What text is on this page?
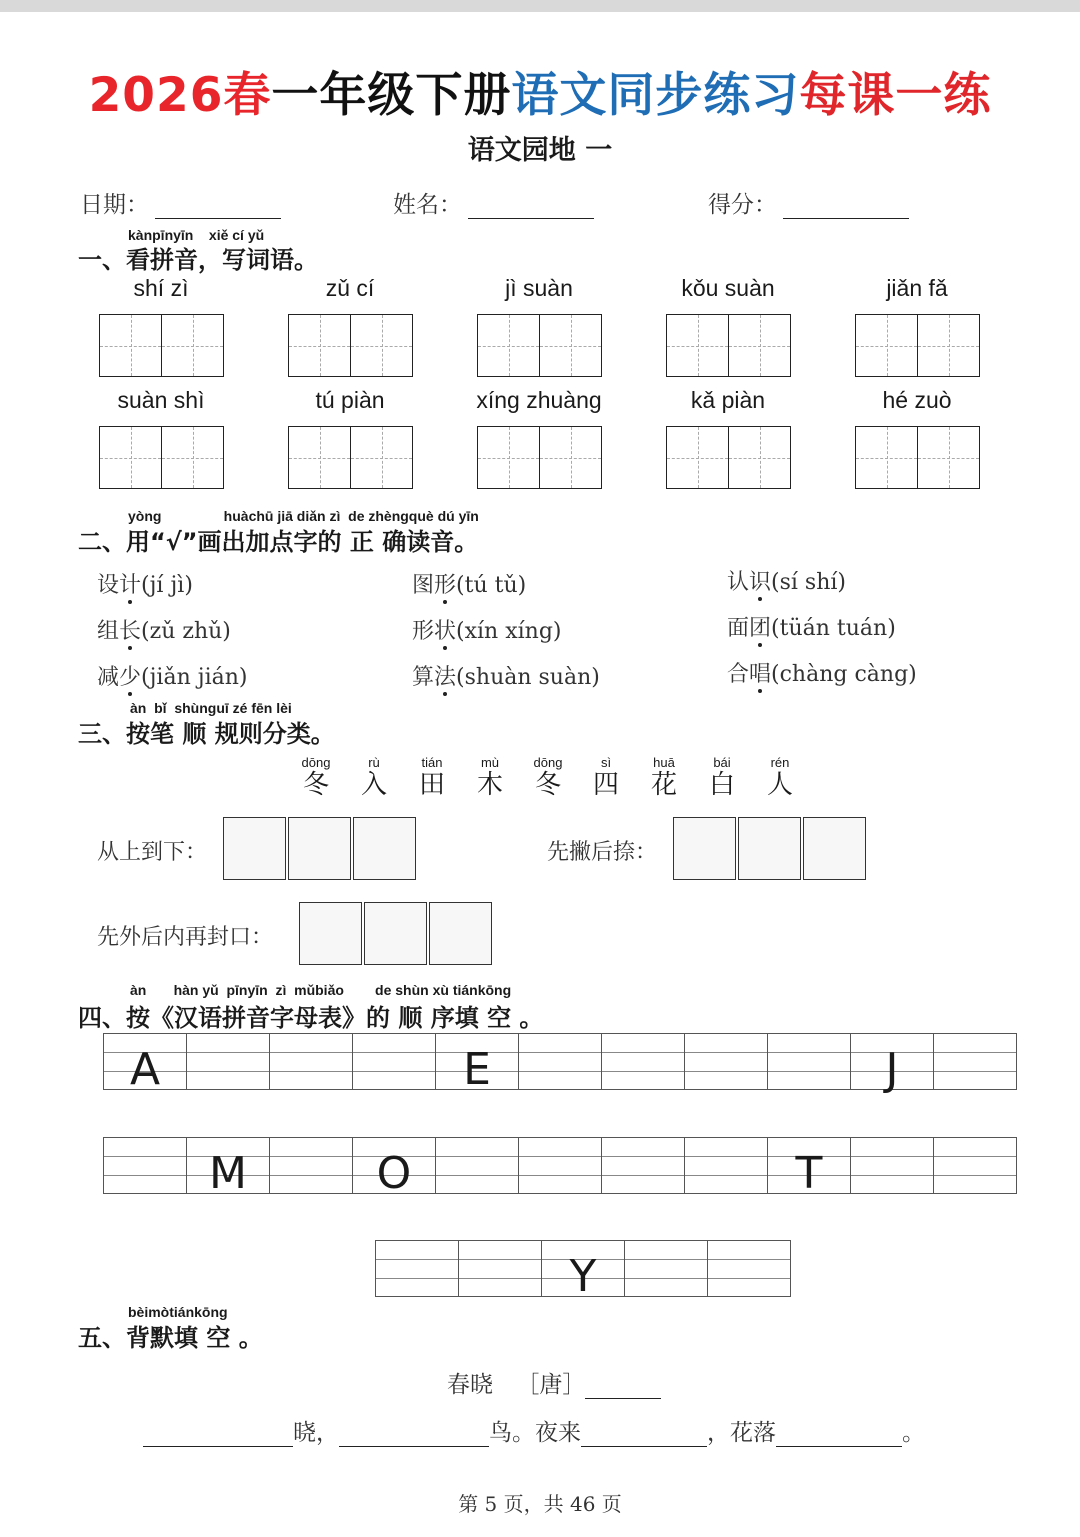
2026春一年级下册语文同步练习每课一练
语文园地 一
日期：	姓名：	得分：
kànpīnyīn    xiě cí yǔ
一、看拼音，写词语。
shí zì	zǔ cí	jì suàn	kǒu suàn	jiǎn fǎ
suàn shì	tú piàn	xíng zhuàng	kǎ piàn	hé zuò
yòng                huàchū jiā diǎn zì  de zhèngquè dú yīn
二、用“√”画出加点字的 正 确读音。
设计(jí jì)	图形(tú tǔ)	认识(sí shí)
组长(zǔ zhǔ)	形状(xín xíng)	面团(tüán tuán)
减少(jiǎn jián)	算法(shuàn suàn)	合唱(chàng càng)
àn  bǐ  shùnguī zé fēn lèi
三、按笔 顺 规则分类。
dōng
冬
rù
入
tián
田
mù
木
dōng
冬
sì
四
huā
花
bái
白
rén
人
从上到下：	先撇后捺：
先外后内再封口：
àn       hàn yǔ  pīnyīn  zì  mǔbiǎo        de shùn xù tiánkōng
四、按《汉语拼音字母表》的 顺 序填 空 。
A	E	J
M	O	T
Y
bèimòtiánkōng
五、背默填 空 。
春晓 ［唐］
晓，	鸟。夜来	，花落	。
第 5 页，共 46 页
